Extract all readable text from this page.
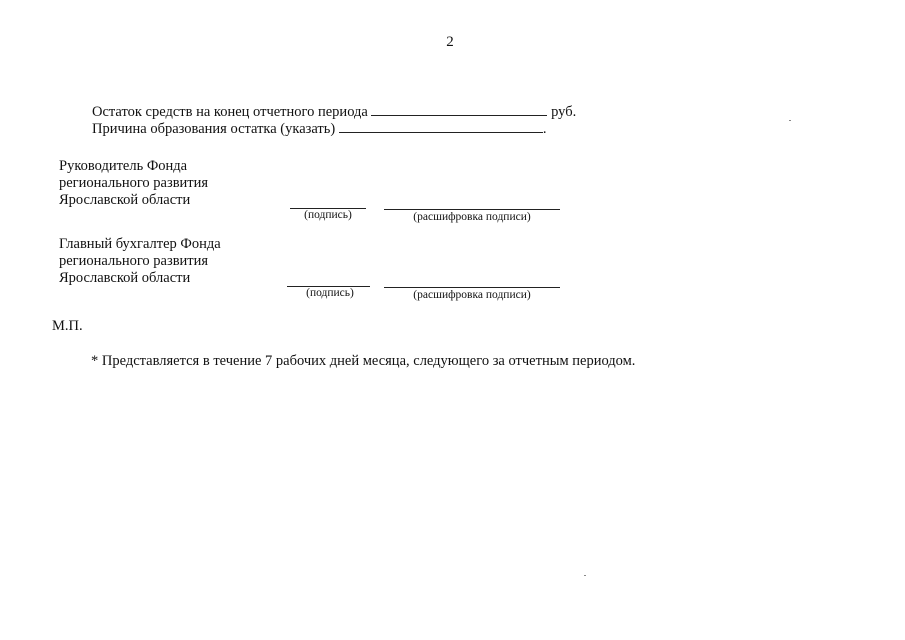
2
Остаток средств на конец отчетного периода	руб.
Причина образования остатка (указать)	.
Руководитель Фонда
регионального развития
Ярославской области
(подпись)	(расшифровка подписи)
Главный бухгалтер Фонда
регионального развития
Ярославской области
(подпись)	(расшифровка подписи)
М.П.
* Представляется в течение 7 рабочих дней месяца, следующего за отчетным периодом.
